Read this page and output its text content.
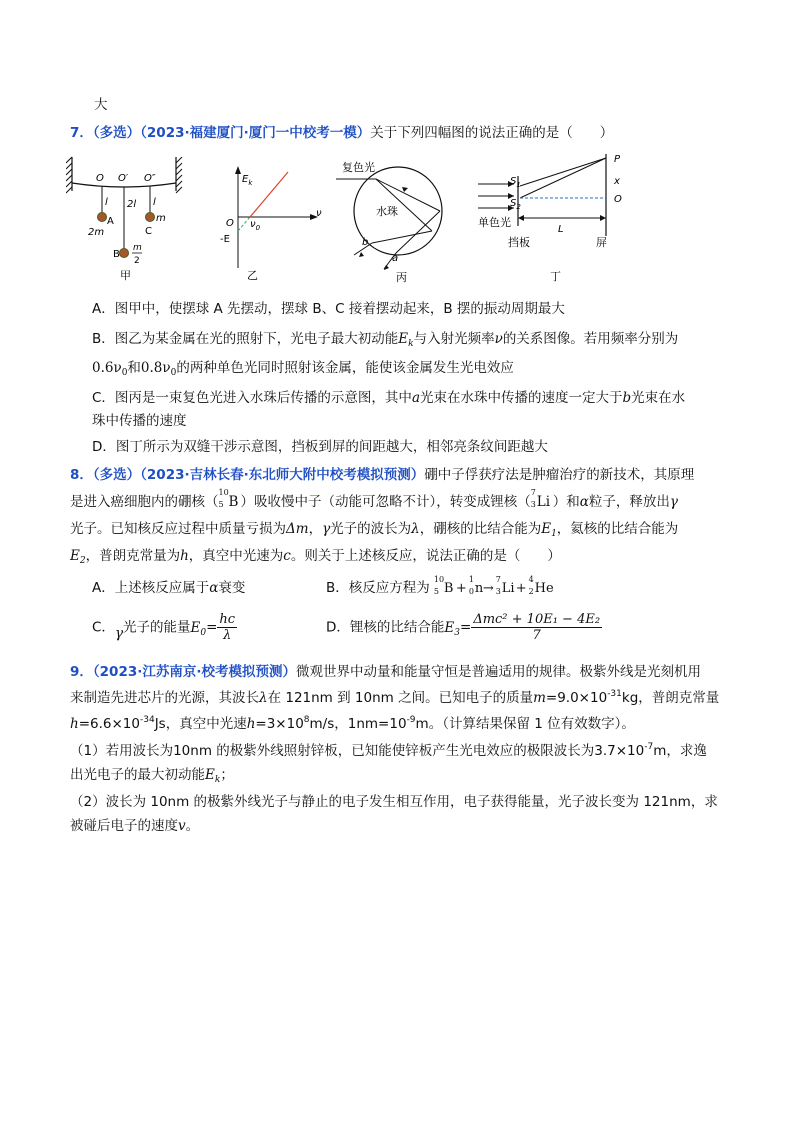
大
7．（多选）（2023·福建厦门·厦门一中校考一模）关于下列四幅图的说法正确的是（　　）
O O′ O″
l 2l l
A
2m	C
m
B
m
2
甲
$E_k$
ν
O $\nu_0$
-E
乙
复色光
水珠
b
a
丙
$S_1$
$S_2$
P
x
O
L
单色光
挡板	屏
丁
A．图甲中，使摆球 A 先摆动，摆球 B、C 接着摆动起来，B 摆的振动周期最大
B．图乙为某金属在光的照射下，光电子最大初动能$E_k$与入射光频率ν的关系图像。若用频率分别为
$0.6\nu_0$和$0.8\nu_0$的两种单色光同时照射该金属，能使该金属发生光电效应
C．图丙是一束复色光进入水珠后传播的示意图，其中a光束在水珠中传播的速度一定大于b光束在水
珠中传播的速度
D．图丁所示为双缝干涉示意图，挡板到屏的间距越大，相邻亮条纹间距越大
8．（多选）（2023·吉林长春·东北师大附中校考模拟预测）硼中子俘获疗法是肿瘤治疗的新技术，其原理
是进入癌细胞内的硼核（
10
5 B ）吸收慢中子（动能可忽略不计），转变成锂核（
7
3 Li ）和α粒子，释放出γ
光子。已知核反应过程中质量亏损为Δm，γ光子的波长为λ，硼核的比结合能为$E_1$，氦核的比结合能为
$E_2$，普朗克常量为h，真空中光速为c。则关于上述核反应，说法正确的是（　　）
A．上述核反应属于α衰变	B．核反应方程为
10
5 B +
1
0 n→
7
3 Li+
4
2 He
C．γ光子的能量$E_0= \frac{hc}{\lambda}$	D．锂核的比结合能$E_3= \frac{\text{Δmc² + 10E₁ − 4E₂}}{7}$
9．（2023·江苏南京·校考模拟预测）微观世界中动量和能量守恒是普遍适用的规律。极紫外线是光刻机用
来制造先进芯片的光源，其波长λ在 121nm 到 10nm 之间。已知电子的质量$m=9.0\times 10^{-31}kg$，普朗克常量
$h=6.6\times 10^{-34}Js$，真空中光速$h=3\times 10^8m/s$，$1nm=10^{-9}m$。（计算结果保留 1 位有效数字）。
（1）若用波长为10nm 的极紫外线照射锌板，已知能使锌板产生光电效应的极限波长为$3.7\times 10^{-7}m$，求逸
出光电子的最大初动能$E_k$；
（2）波长为 10nm 的极紫外线光子与静止的电子发生相互作用，电子获得能量，光子波长变为 121nm，求
被碰后电子的速度v。
